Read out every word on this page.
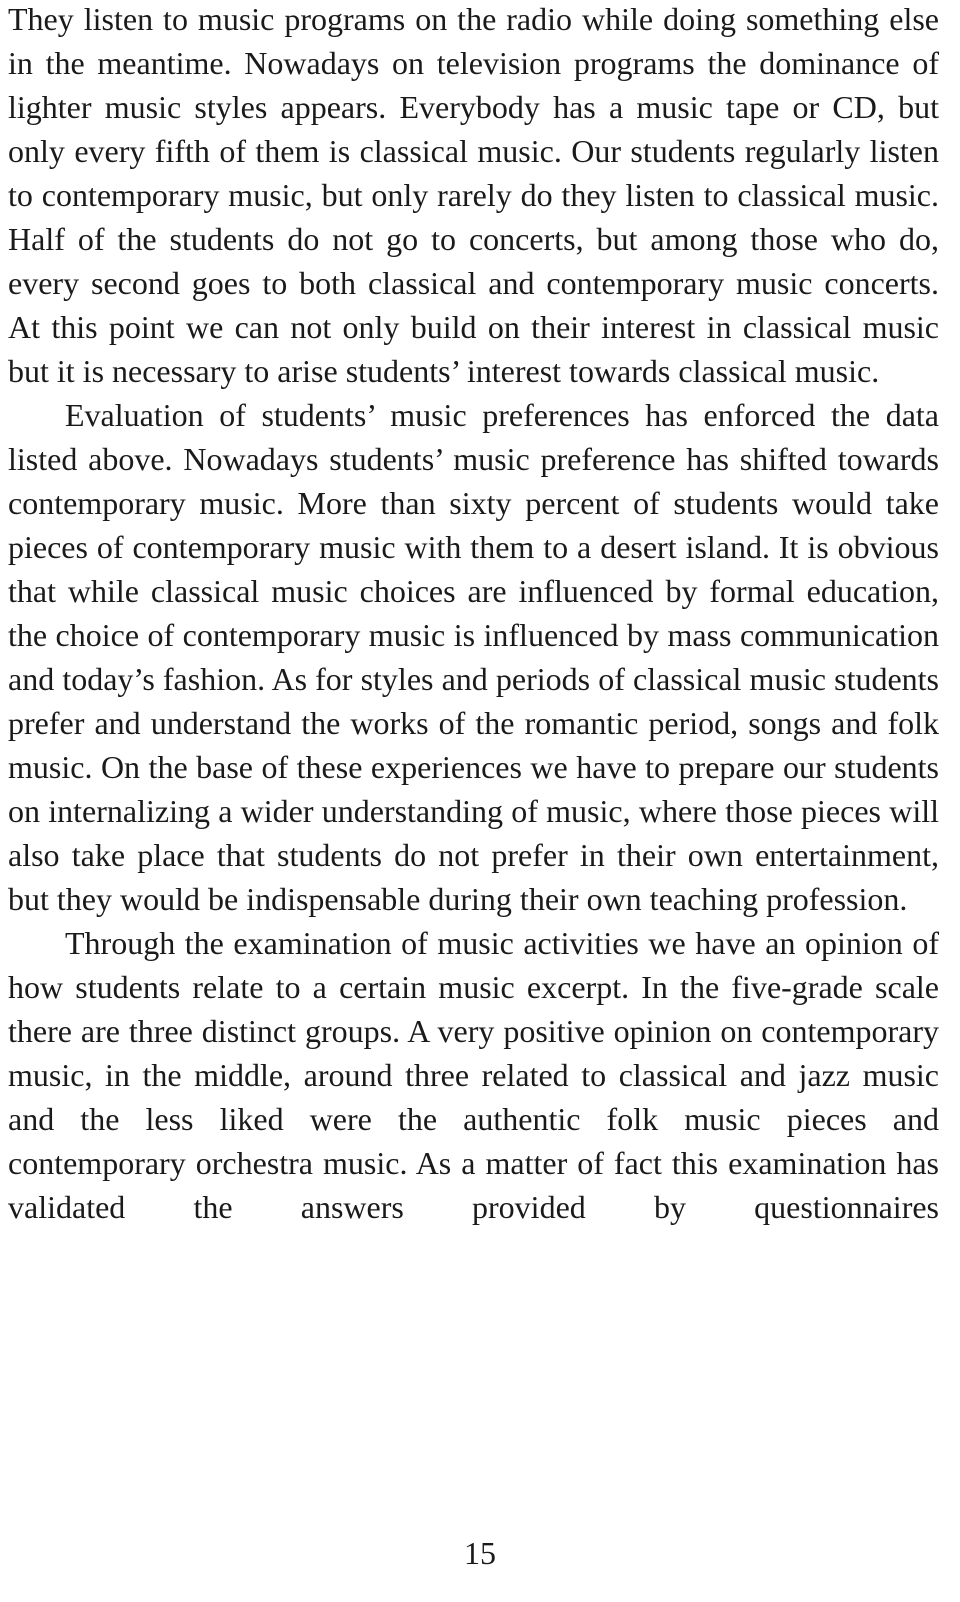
They listen to music programs on the radio while doing something else in the meantime. Nowadays on television programs the dominance of lighter music styles appears. Everybody has a music tape or CD, but only every fifth of them is classical music. Our students regularly listen to contemporary music, but only rarely do they listen to classical music. Half of the students do not go to concerts, but among those who do, every second goes to both classical and contemporary music concerts. At this point we can not only build on their interest in classical music but it is necessary to arise students’ interest towards classical music.

Evaluation of students’ music preferences has enforced the data listed above. Nowadays students’ music preference has shifted towards contemporary music. More than sixty percent of students would take pieces of contemporary music with them to a desert island. It is obvious that while classical music choices are influenced by formal education, the choice of contemporary music is influenced by mass communication and today’s fashion. As for styles and periods of classical music students prefer and understand the works of the romantic period, songs and folk music. On the base of these experiences we have to prepare our students on internalizing a wider understanding of music, where those pieces will also take place that students do not prefer in their own entertainment, but they would be indispensable during their own teaching profession.

Through the examination of music activities we have an opinion of how students relate to a certain music excerpt. In the five-grade scale there are three distinct groups. A very positive opinion on contemporary music, in the middle, around three related to classical and jazz music and the less liked were the authentic folk music pieces and contemporary orchestra music. As a matter of fact this examination has validated the answers provided by questionnaires

15
